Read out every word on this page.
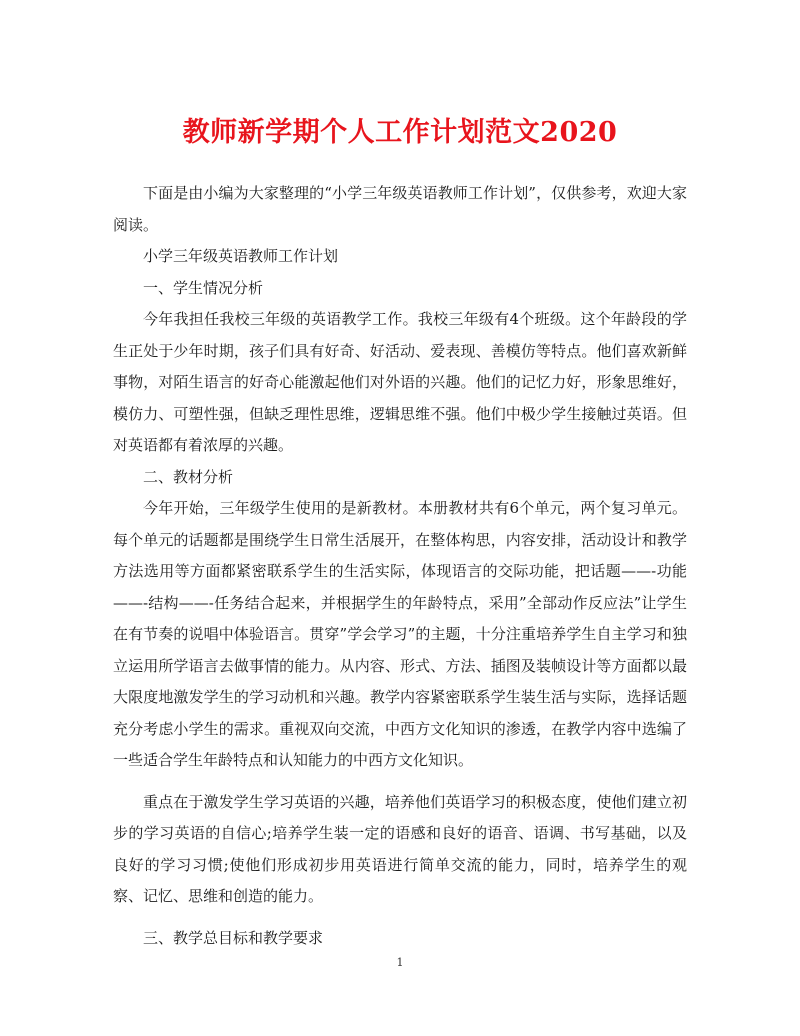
教师新学期个人工作计划范文2020

下面是由小编为大家整理的“小学三年级英语教师工作计划”，仅供参考，欢迎大家阅读。

小学三年级英语教师工作计划

一、学生情况分析

今年我担任我校三年级的英语教学工作。我校三年级有4个班级。这个年龄段的学生正处于少年时期，孩子们具有好奇、好活动、爱表现、善模仿等特点。他们喜欢新鲜事物，对陌生语言的好奇心能激起他们对外语的兴趣。他们的记忆力好，形象思维好，模仿力、可塑性强，但缺乏理性思维，逻辑思维不强。他们中极少学生接触过英语。但对英语都有着浓厚的兴趣。

二、教材分析

今年开始，三年级学生使用的是新教材。本册教材共有6个单元，两个复习单元。每个单元的话题都是围绕学生日常生活展开，在整体构思，内容安排，活动设计和教学方法选用等方面都紧密联系学生的生活实际，体现语言的交际功能，把话题——-功能——-结构——-任务结合起来，并根据学生的年龄特点，采用”全部动作反应法”让学生在有节奏的说唱中体验语言。贯穿”学会学习”的主题，十分注重培养学生自主学习和独立运用所学语言去做事情的能力。从内容、形式、方法、插图及装帧设计等方面都以最大限度地激发学生的学习动机和兴趣。教学内容紧密联系学生装生活与实际，选择话题充分考虑小学生的需求。重视双向交流，中西方文化知识的渗透，在教学内容中选编了一些适合学生年龄特点和认知能力的中西方文化知识。

重点在于激发学生学习英语的兴趣，培养他们英语学习的积极态度，使他们建立初步的学习英语的自信心;培养学生装一定的语感和良好的语音、语调、书写基础，以及良好的学习习惯;使他们形成初步用英语进行简单交流的能力，同时，培养学生的观察、记忆、思维和创造的能力。

三、教学总目标和教学要求

1
